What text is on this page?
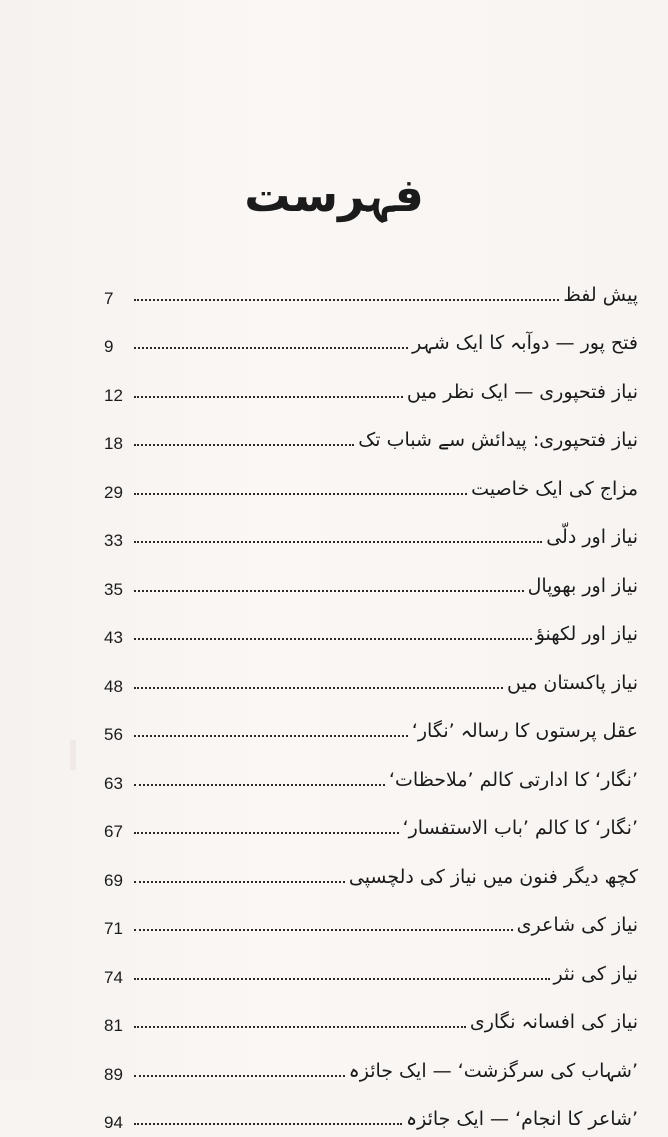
فہرست
پیش لفظ
7
فتح پور — دوآبہ کا ایک شہر
9
نیاز فتحپوری — ایک نظر میں
12
نیاز فتحپوری: پیدائش سے شباب تک
18
مزاج کی ایک خاصیت
29
نیاز اور دلّی
33
نیاز اور بھوپال
35
نیاز اور لکھنؤ
43
نیاز پاکستان میں
48
عقل پرستوں کا رسالہ ’نگار‘
56
’نگار‘ کا ادارتی کالم ’ملاحظات‘
63
’نگار‘ کا کالم ’باب الاستفسار‘
67
کچھ دیگر فنون میں نیاز کی دلچسپی
69
نیاز کی شاعری
71
نیاز کی نثر
74
نیاز کی افسانہ نگاری
81
’شہاب کی سرگزشت‘ — ایک جائزہ
89
’شاعر کا انجام‘ — ایک جائزہ
94
